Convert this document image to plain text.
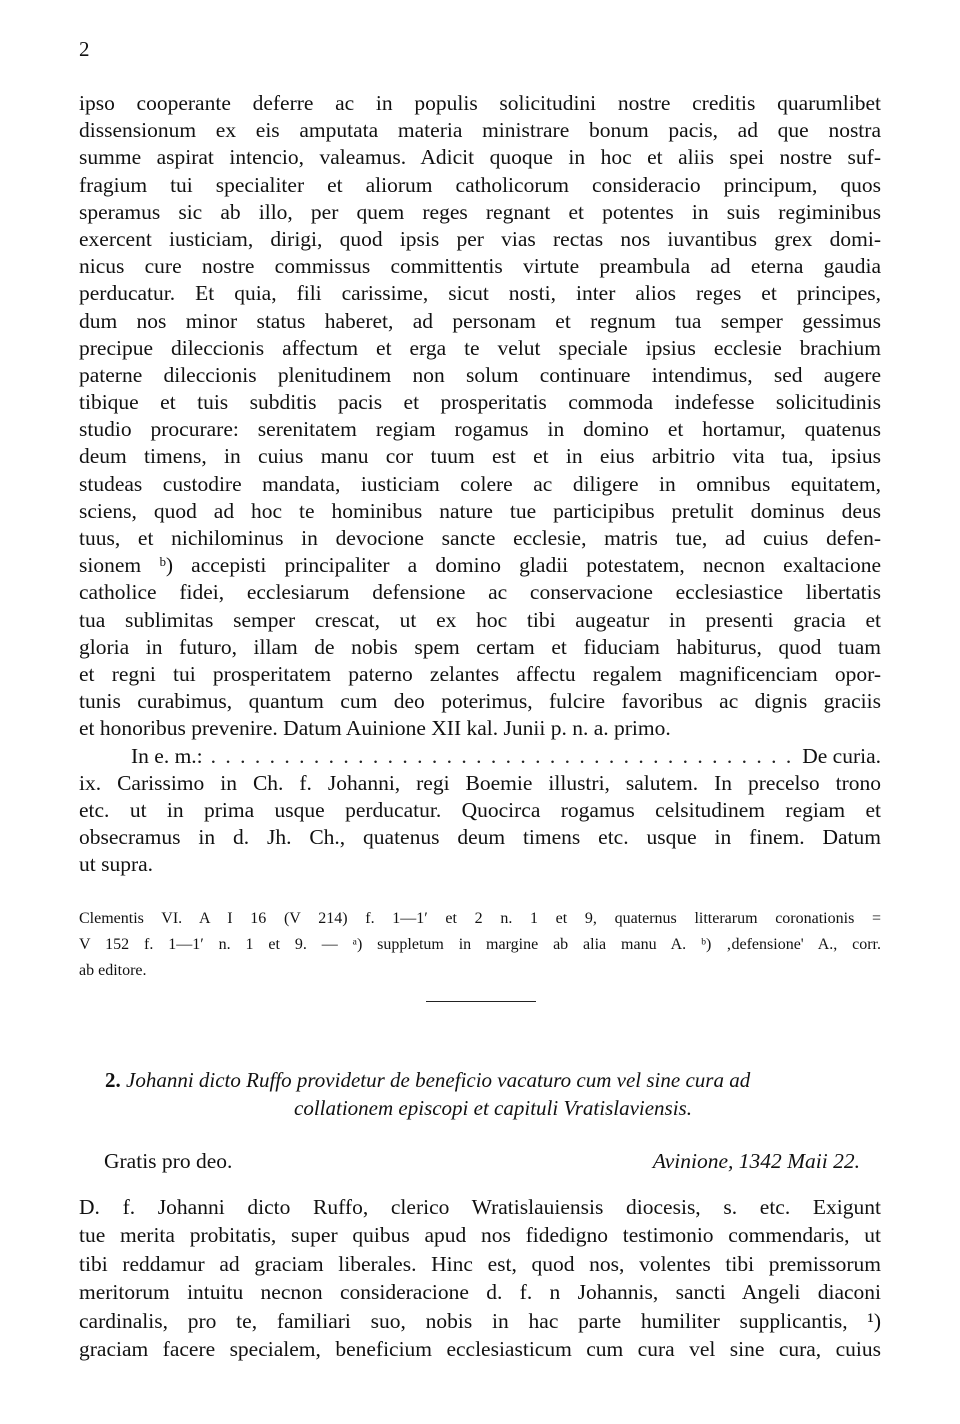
2
ipso cooperante deferre ac in populis solicitudini nostre creditis quarumlibet
dissensionum ex eis amputata materia ministrare bonum pacis, ad que nostra
summe aspirat intencio, valeamus. Adicit quoque in hoc et aliis spei nostre suf-
fragium tui specialiter et aliorum catholicorum consideracio principum, quos
speramus sic ab illo, per quem reges regnant et potentes in suis regiminibus
exercent iusticiam, dirigi, quod ipsis per vias rectas nos iuvantibus grex domi-
nicus cure nostre commissus committentis virtute preambula ad eterna gaudia
perducatur. Et quia, fili carissime, sicut nosti, inter alios reges et principes,
dum nos minor status haberet, ad personam et regnum tua semper gessimus
precipue dileccionis affectum et erga te velut speciale ipsius ecclesie brachium
paterne dileccionis plenitudinem non solum continuare intendimus, sed augere
tibique et tuis subditis pacis et prosperitatis commoda indefesse solicitudinis
studio procurare: serenitatem regiam rogamus in domino et hortamur, quatenus
deum timens, in cuius manu cor tuum est et in eius arbitrio vita tua, ipsius
studeas custodire mandata, iusticiam colere ac diligere in omnibus equitatem,
sciens, quod ad hoc te hominibus nature tue participibus pretulit dominus deus
tuus, et nichilominus in devocione sancte ecclesie, matris tue, ad cuius defen-
sionem ᵇ) accepisti principaliter a domino gladii potestatem, necnon exaltacione
catholice fidei, ecclesiarum defensione ac conservacione ecclesiastice libertatis
tua sublimitas semper crescat, ut ex hoc tibi augeatur in presenti gracia et
gloria in futuro, illam de nobis spem certam et fiduciam habiturus, quod tuam
et regni tui prosperitatem paterno zelantes affectu regalem magnificenciam opor-
tunis curabimus, quantum cum deo poterimus, fulcire favoribus ac dignis graciis
et honoribus prevenire. Datum Auinione XII kal. Junii p. n. a. primo.
In e. m.:
. . .	De curia.
ix. Carissimo in Ch. f. Johanni, regi Boemie illustri, salutem. In precelso trono
etc. ut in prima usque perducatur. Quocirca rogamus celsitudinem regiam et
obsecramus in d. Jh. Ch., quatenus deum timens etc. usque in finem. Datum
ut supra.
Clementis VI. A I 16 (V 214) f. 1—1′ et 2 n. 1 et 9, quaternus litterarum coronationis =
V 152 f. 1—1′ n. 1 et 9. — ᵃ) suppletum in margine ab alia manu A. ᵇ) ‚defensione' A., corr.
ab editore.
2. Johanni dicto Ruffo providetur de beneficio vacaturo cum vel sine cura ad
collationem episcopi et capituli Vratislaviensis.
Gratis pro deo.	Avinione, 1342 Maii 22.
D. f. Johanni dicto Ruffo, clerico Wratislauiensis diocesis, s. etc. Exigunt
tue merita probitatis, super quibus apud nos fidedigno testimonio commendaris, ut
tibi reddamur ad graciam liberales. Hinc est, quod nos, volentes tibi premissorum
meritorum intuitu necnon consideracione d. f. n Johannis, sancti Angeli diaconi
cardinalis, pro te, familiari suo, nobis in hac parte humiliter supplicantis, ¹)
graciam facere specialem, beneficium ecclesiasticum cum cura vel sine cura, cuius
